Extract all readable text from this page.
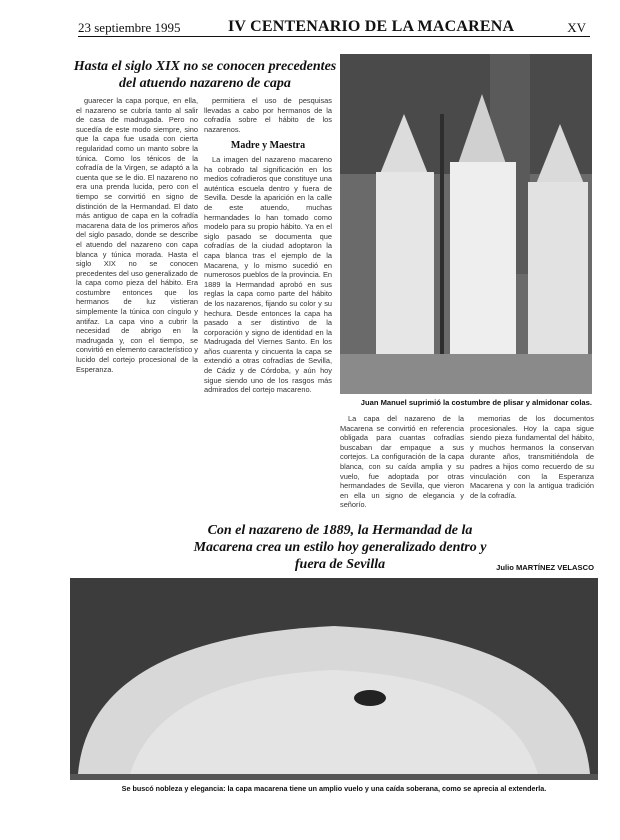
23 septiembre 1995	IV CENTENARIO DE LA MACARENA	XV
Hasta el siglo XIX no se conocen precedentes del atuendo nazareno de capa

guarecer la capa porque, en ella, el nazareno se cubría tanto al salir de casa de madrugada. Pero no sucedía de este modo siempre, sino que la capa fue usada con cierta regularidad como un manto sobre la túnica. Como los ténicos de la cofradía de la Virgen, se adaptó a la cuenta que se le dio. El nazareno no era una prenda lucida, pero con el tiempo se convirtió en signo de distinción de la Hermandad. El dato más antiguo de capa en la cofradía macarena data de los primeros años del siglo pasado, donde se describe el atuendo del nazareno con capa blanca y túnica morada. Hasta el siglo XIX no se conocen precedentes del uso generalizado de la capa como pieza del hábito. Era costumbre entonces que los hermanos de luz vistieran simplemente la túnica con cíngulo y antifaz. La capa vino a cubrir la necesidad de abrigo en la madrugada y, con el tiempo, se convirtió en elemento característico y lucido del cortejo procesional de la Esperanza.

permitiera el uso de pesquisas llevadas a cabo por hermanos de la cofradía sobre el hábito de los nazarenos.

Madre y Maestra

La imagen del nazareno macareno ha cobrado tal significación en los medios cofradieros que constituye una auténtica escuela dentro y fuera de Sevilla. Desde la aparición en la calle de este atuendo, muchas hermandades lo han tomado como modelo para su propio hábito. Ya en el siglo pasado se documenta que cofradías de la ciudad adoptaron la capa blanca tras el ejemplo de la Macarena, y lo mismo sucedió en numerosos pueblos de la provincia. En 1889 la Hermandad aprobó en sus reglas la capa como parte del hábito de los nazarenos, fijando su color y su hechura. Desde entonces la capa ha pasado a ser distintivo de la corporación y signo de identidad en la Madrugada del Viernes Santo. En los años cuarenta y cincuenta la capa se extendió a otras cofradías de Sevilla, de Cádiz y de Córdoba, y aún hoy sigue siendo uno de los rasgos más admirados del cortejo macareno.

Juan Manuel suprimió la costumbre de plisar y almidonar colas.

La capa del nazareno de la Macarena se convirtió en referencia obligada para cuantas cofradías buscaban dar empaque a sus cortejos. La configuración de la capa blanca, con su caída amplia y su vuelo, fue adoptada por otras hermandades de Sevilla, que vieron en ella un signo de elegancia y señorío.

memorias de los documentos procesionales. Hoy la capa sigue siendo pieza fundamental del hábito, y muchos hermanos la conservan durante años, transmitiéndola de padres a hijos como recuerdo de su vinculación con la Esperanza Macarena y con la antigua tradición de la cofradía.

Con el nazareno de 1889, la Hermandad de la Macarena crea un estilo hoy generalizado dentro y fuera de Sevilla	Julio MARTÍNEZ VELASCO
Se buscó nobleza y elegancia: la capa macarena tiene un amplio vuelo y una caída soberana, como se aprecia al extenderla.
